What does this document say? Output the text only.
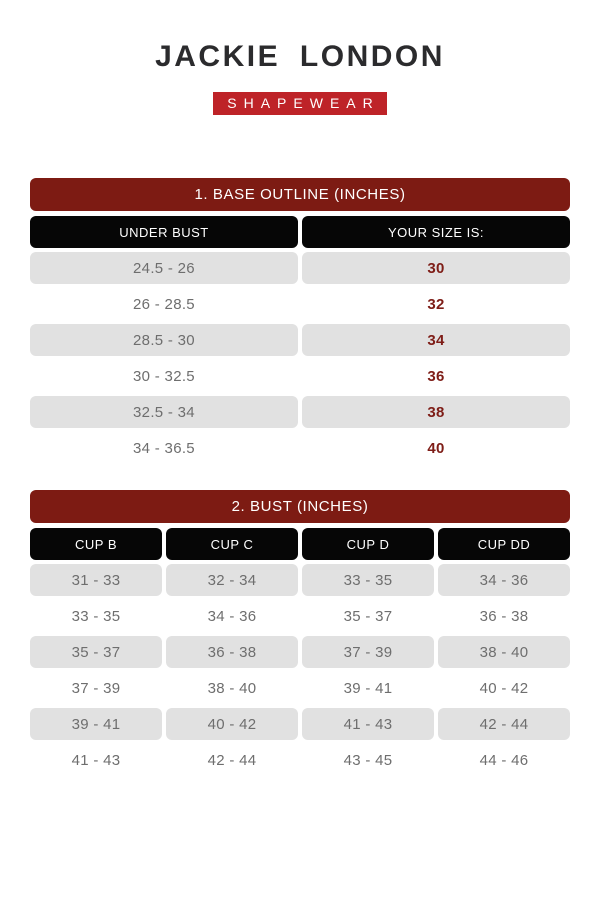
JACKIE LONDON

SHAPEWEAR
1. BASE OUTLINE (INCHES)
UNDER BUST	YOUR SIZE IS:
24.5 - 26	30
26 - 28.5	32
28.5 - 30	34
30 - 32.5	36
32.5 - 34	38
34 - 36.5	40
2. BUST (INCHES)
CUP B	CUP C	CUP D	CUP DD
31 - 33	32 - 34	33 - 35	34 - 36
33 - 35	34 - 36	35 - 37	36 - 38
35 - 37	36 - 38	37 - 39	38 - 40
37 - 39	38 - 40	39 - 41	40 - 42
39 - 41	40 - 42	41 - 43	42 - 44
41 - 43	42 - 44	43 - 45	44 - 46
